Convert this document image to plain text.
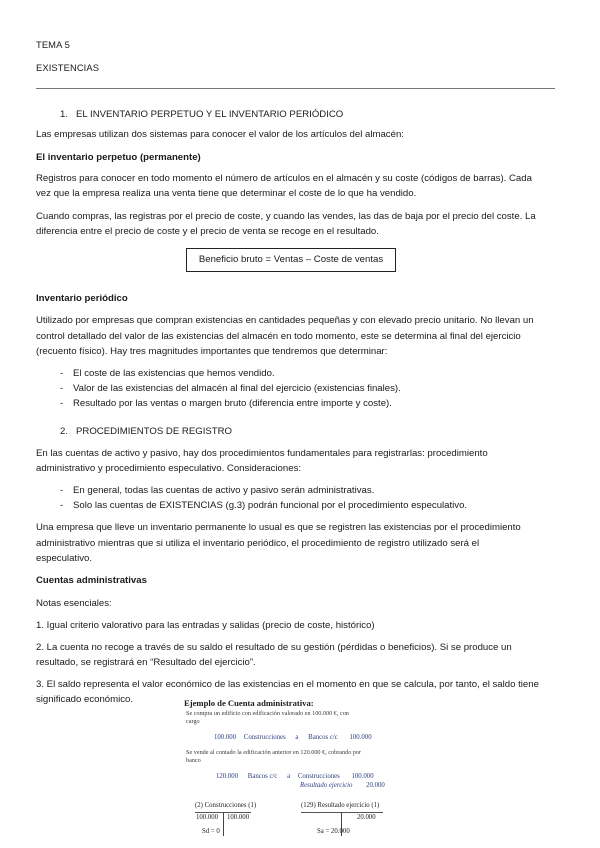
TEMA 5
EXISTENCIAS
1. EL INVENTARIO PERPETUO Y EL INVENTARIO PERIÓDICO

Las empresas utilizan dos sistemas para conocer el valor de los artículos del almacén:

El inventario perpetuo (permanente)

Registros para conocer en todo momento el número de artículos en el almacén y su coste (códigos de barras). Cada

vez que la empresa realiza una venta tiene que determinar el coste de lo que ha vendido.

Cuando compras, las registras por el precio de coste, y cuando las vendes, las das de baja por el precio del coste. La

diferencia entre el precio de coste y el precio de venta se recoge en el resultado.

Beneficio bruto = Ventas – Coste de ventas

Inventario periódico

Utilizado por empresas que compran existencias en cantidades pequeñas y con elevado precio unitario. No llevan un

control detallado del valor de las existencias del almacén en todo momento, este se determina al final del ejercicio

(recuento físico). Hay tres magnitudes importantes que tendremos que determinar:

- El coste de las existencias que hemos vendido.
- Valor de las existencias del almacén al final del ejercicio (existencias finales).
- Resultado por las ventas o margen bruto (diferencia entre importe y coste).
2. PROCEDIMIENTOS DE REGISTRO

En las cuentas de activo y pasivo, hay dos procedimientos fundamentales para registrarlas: procedimiento

administrativo y procedimiento especulativo. Consideraciones:

- En general, todas las cuentas de activo y pasivo serán administrativas.
- Solo las cuentas de EXISTENCIAS (g.3) podrán funcional por el procedimiento especulativo.

Una empresa que lleve un inventario permanente lo usual es que se registren las existencias por el procedimiento

administrativo mientras que si utiliza el inventario periódico, el procedimiento de registro utilizado será el

especulativo.

Cuentas administrativas

Notas esenciales:

1. Igual criterio valorativo para las entradas y salidas (precio de coste, histórico)

2. La cuenta no recoge a través de su saldo el resultado de su gestión (pérdidas o beneficios). Si se produce un

resultado, se registrará en “Resultado del ejercicio”.

3. El saldo representa el valor económico de las existencias en el momento en que se calcula, por tanto, el saldo tiene

significado económico.	Ejemplo de Cuenta administrativa:
Se compra un edificio con edificación valorado en 100.000 €, con
cargo
100.000 Construcciones a Bancos c/c 100.000
Se vende al contado la edificación anterior en 120.000 €, cobrando por
banco
120.000 Bancos c/c a Construcciones 100.000
Resultado ejercicio 20.000
(2) Construcciones (1)
100.000 100.000
Sd = 0
(129) Resultado ejercicio (1)
20.000
Sa = 20.000
